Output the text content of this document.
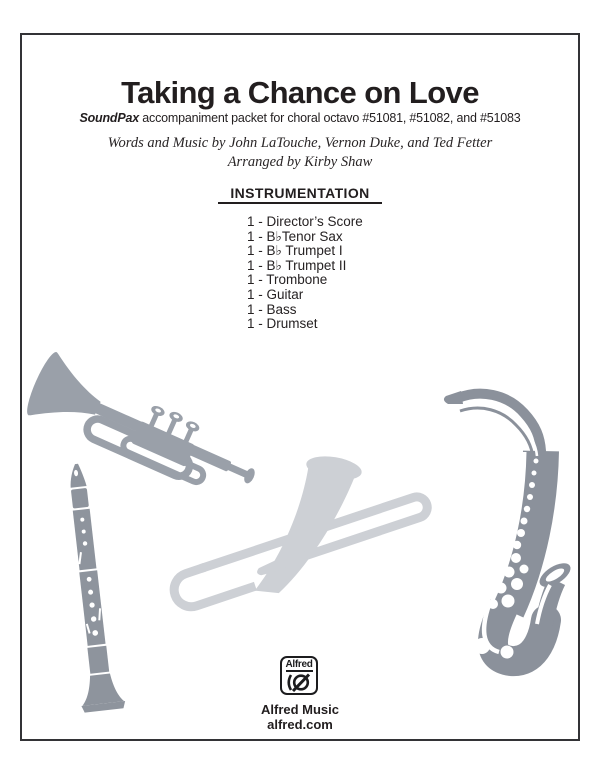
Taking a Chance on Love
SoundPax accompaniment packet for choral octavo #51081, #51082, and #51083
Words and Music by John LaTouche, Vernon Duke, and Ted Fetter
Arranged by Kirby Shaw
INSTRUMENTATION
1 - Director’s Score
1 - B♭Tenor Sax
1 - B♭ Trumpet I
1 - B♭ Trumpet II
1 - Trombone
1 - Guitar
1 - Bass
1 - Drumset
Alfred
Alfred Music
alfred.com
